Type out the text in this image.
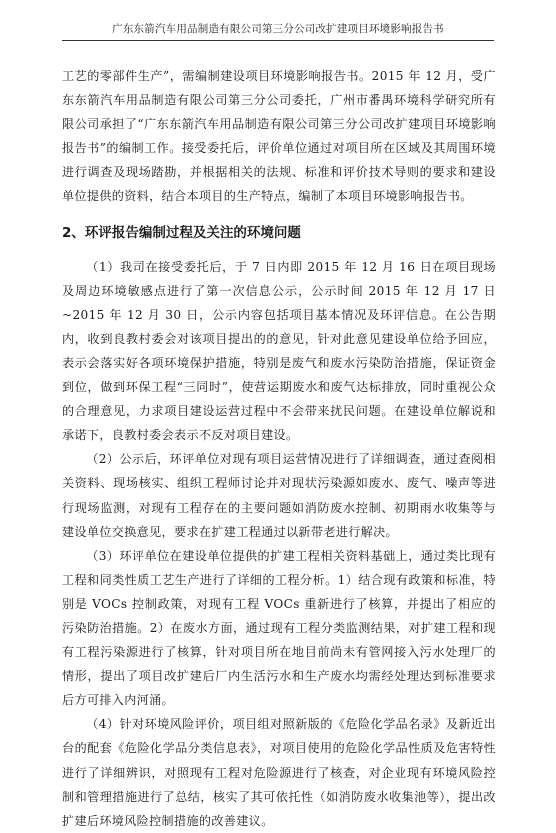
广东东箭汽车用品制造有限公司第三分公司改扩建项目环境影响报告书

工艺的零部件生产”，需编制建设项目环境影响报告书。2015 年 12 月，受广东东箭汽车用品制造有限公司第三分公司委托，广州市番禺环境科学研究所有限公司承担了“广东东箭汽车用品制造有限公司第三分公司改扩建项目环境影响报告书”的编制工作。接受委托后，评价单位通过对项目所在区域及其周围环境进行调查及现场踏勘，并根据相关的法规、标准和评价技术导则的要求和建设单位提供的资料，结合本项目的生产特点，编制了本项目环境影响报告书。

2、环评报告编制过程及关注的环境问题

（1）我司在接受委托后，于 7 日内即 2015 年 12 月 16 日在项目现场及周边环境敏感点进行了第一次信息公示，公示时间 2015 年 12 月 17 日~2015 年 12 月 30 日，公示内容包括项目基本情况及环评信息。在公告期内，收到良教村委会对该项目提出的的意见，针对此意见建设单位给予回应，表示会落实好各项环境保护措施，特别是废气和废水污染防治措施，保证资金到位，做到环保工程“三同时”，使营运期废水和废气达标排放，同时重视公众的合理意见，力求项目建设运营过程中不会带来扰民问题。在建设单位解说和承诺下，良教村委会表示不反对项目建设。

（2）公示后，环评单位对现有项目运营情况进行了详细调查，通过查阅相关资料、现场核实、组织工程师讨论并对现状污染源如废水、废气、噪声等进行现场监测，对现有工程存在的主要问题如消防废水控制、初期雨水收集等与建设单位交换意见，要求在扩建工程通过以新带老进行解决。

（3）环评单位在建设单位提供的扩建工程相关资料基础上，通过类比现有工程和同类性质工艺生产进行了详细的工程分析。1）结合现有政策和标准，特别是 VOCs 控制政策，对现有工程 VOCs 重新进行了核算，并提出了相应的污染防治措施。2）在废水方面，通过现有工程分类监测结果，对扩建工程和现有工程污染源进行了核算，针对项目所在地目前尚未有管网接入污水处理厂的情形，提出了项目改扩建后厂内生活污水和生产废水均需经处理达到标准要求后方可排入内河涌。

（4）针对环境风险评价，项目组对照新版的《危险化学品名录》及新近出台的配套《危险化学品分类信息表》，对项目使用的危险化学品性质及危害特性进行了详细辨识，对照现有工程对危险源进行了核查，对企业现有环境风险控制和管理措施进行了总结，核实了其可依托性（如消防废水收集池等），提出改扩建后环境风险控制措施的改善建议。
